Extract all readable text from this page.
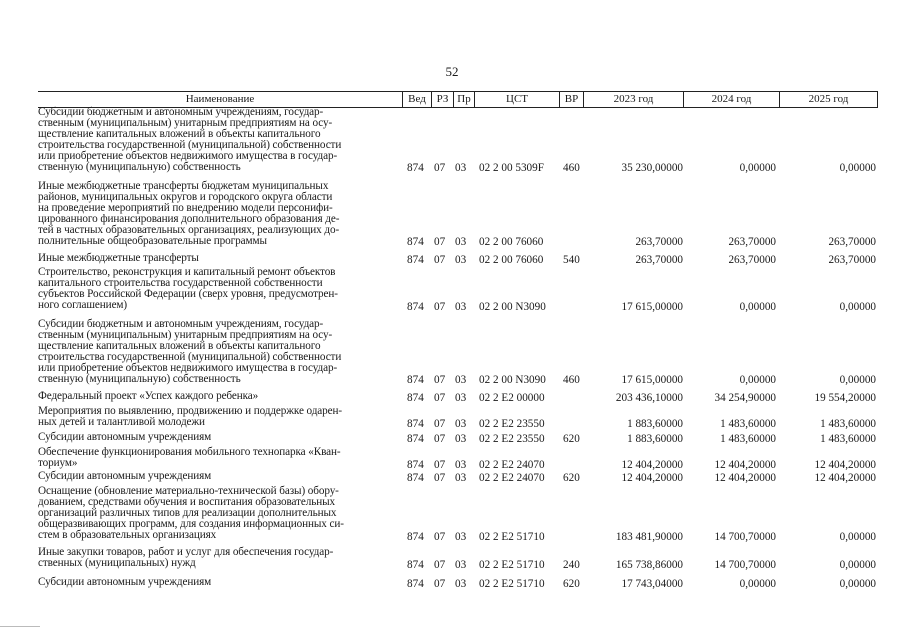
52
Наименование	Вед РЗ Пр	ЦСТ	ВР	2023 год	2024 год	2025 год
Субсидии бюджетным и автономным учреждениям, государ-
ственным (муниципальным) унитарным предприятиям на осу-
ществление капитальных вложений в объекты капитального
строительства государственной (муниципальной) собственности
или приобретение объектов недвижимого имущества в государ-
ственную (муниципальную) собственность	874 07 03 02 2 00 5309F 460	35 230,00000	0,00000	0,00000
Иные межбюджетные трансферты бюджетам муниципальных
районов, муниципальных округов и городского округа области
на проведение мероприятий по внедрению модели персонифи-
цированного финансирования дополнительного образования де-
тей в частных образовательных организациях, реализующих до-
полнительные общеобразовательные программы	874 07 03 02 2 00 76060	263,70000	263,70000	263,70000
Иные межбюджетные трансферты	874 07 03 02 2 00 76060 540	263,70000	263,70000	263,70000
Строительство, реконструкция и капитальный ремонт объектов
капитального строительства государственной собственности
субъектов Российской Федерации (сверх уровня, предусмотрен-
ного соглашением)	874 07 03 02 2 00 N3090	17 615,00000	0,00000	0,00000
Субсидии бюджетным и автономным учреждениям, государ-
ственным (муниципальным) унитарным предприятиям на осу-
ществление капитальных вложений в объекты капитального
строительства государственной (муниципальной) собственности
или приобретение объектов недвижимого имущества в государ-
ственную (муниципальную) собственность	874 07 03 02 2 00 N3090 460	17 615,00000	0,00000	0,00000
Федеральный проект «Успех каждого ребенка»	874 07 03 02 2 E2 00000	203 436,10000	34 254,90000	19 554,20000
Мероприятия по выявлению, продвижению и поддержке одарен-
ных детей и талантливой молодежи	874 07 03 02 2 E2 23550	1 883,60000	1 483,60000	1 483,60000
Субсидии автономным учреждениям	874 07 03 02 2 E2 23550 620	1 883,60000	1 483,60000	1 483,60000
Обеспечение функционирования мобильного технопарка «Кван-
ториум»	874 07 03 02 2 E2 24070	12 404,20000	12 404,20000	12 404,20000
Субсидии автономным учреждениям	874 07 03 02 2 E2 24070 620	12 404,20000	12 404,20000	12 404,20000
Оснащение (обновление материально-технической базы) обору-
дованием, средствами обучения и воспитания образовательных
организаций различных типов для реализации дополнительных
общеразвивающих программ, для создания информационных си-
стем в образовательных организациях	874 07 03 02 2 E2 51710	183 481,90000	14 700,70000	0,00000
Иные закупки товаров, работ и услуг для обеспечения государ-
ственных (муниципальных) нужд	874 07 03 02 2 E2 51710 240	165 738,86000	14 700,70000	0,00000
Субсидии автономным учреждениям	874 07 03 02 2 E2 51710 620	17 743,04000	0,00000	0,00000
